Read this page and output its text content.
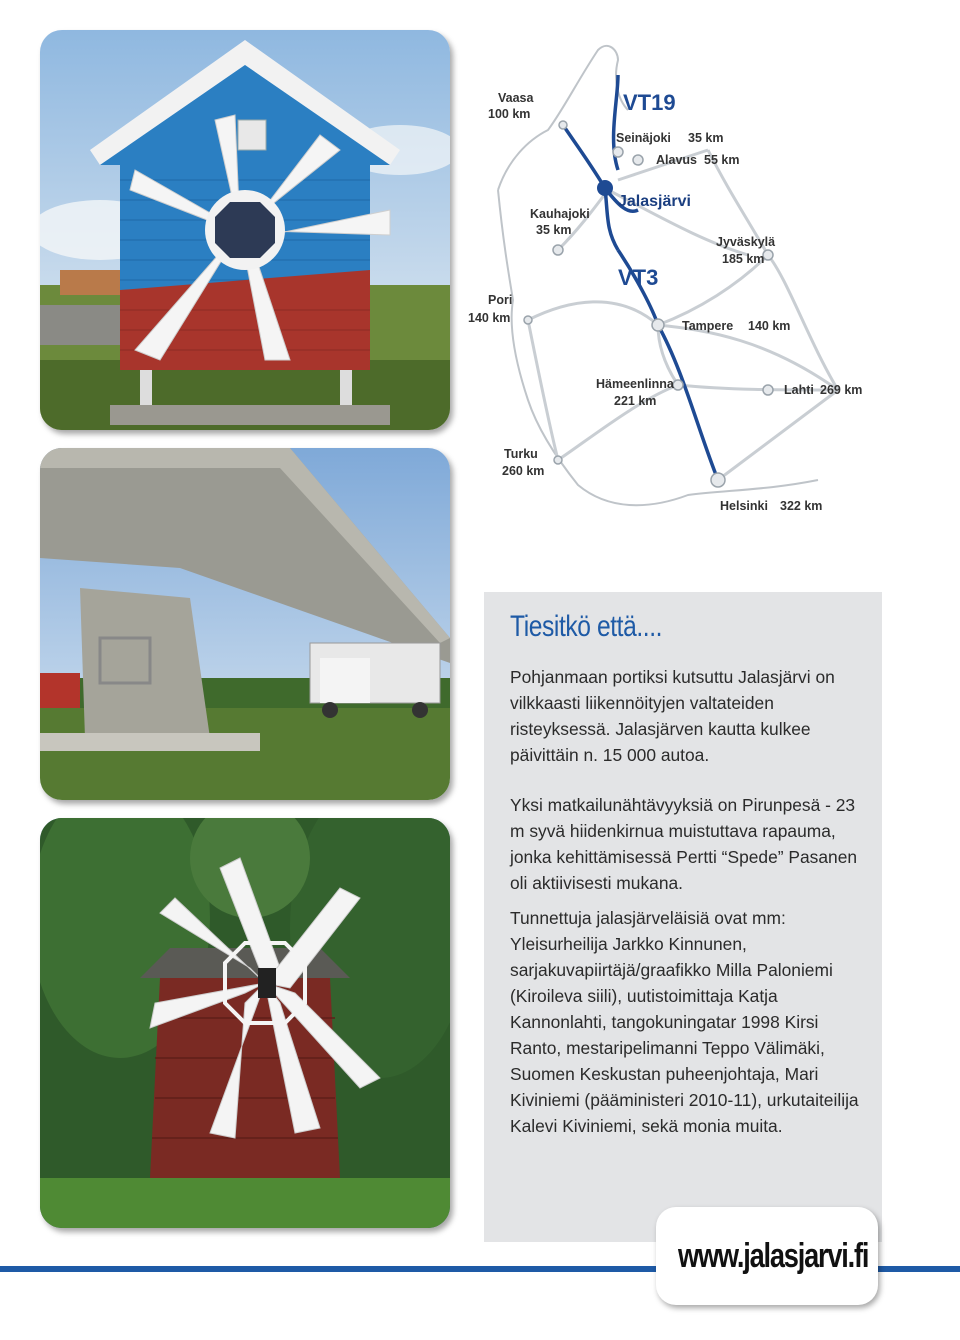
VT19
VT3
Vaasa
100 km
Seinäjoki 35 km
Alavus 55 km
Jalasjärvi
Kauhajoki
35 km
Jyväskylä
185 km
Pori
140 km
Tampere 140 km
Hämeenlinna
221 km
Lahti 269 km
Turku
260 km
Helsinki 322 km
Tiesitkö että....

Pohjanmaan portiksi kutsuttu Jalasjärvi on vilkkaasti liikennöityjen valtateiden risteyksessä. Jalasjärven kautta kulkee päivittäin n. 15 000 autoa.

Yksi matkailunähtävyyksiä on Pirunpesä - 23 m syvä hiidenkirnua muistuttava rapauma, jonka kehittämisessä Pertti “Spede” Pasanen oli aktiivisesti mukana.

Tunnettuja jalasjärveläisiä ovat mm: Yleisurheilija Jarkko Kinnunen, sarjakuvapiirtäjä/graafikko Milla Paloniemi (Kiroileva siili), uutistoimittaja Katja Kannonlahti, tangokuningatar 1998 Kirsi Ranto, mestaripelimanni Teppo Välimäki, Suomen Keskustan puheenjohtaja, Mari Kiviniemi (pääministeri 2010-11), urkutaiteilija Kalevi Kiviniemi, sekä monia muita.

www.jalasjarvi.fi
